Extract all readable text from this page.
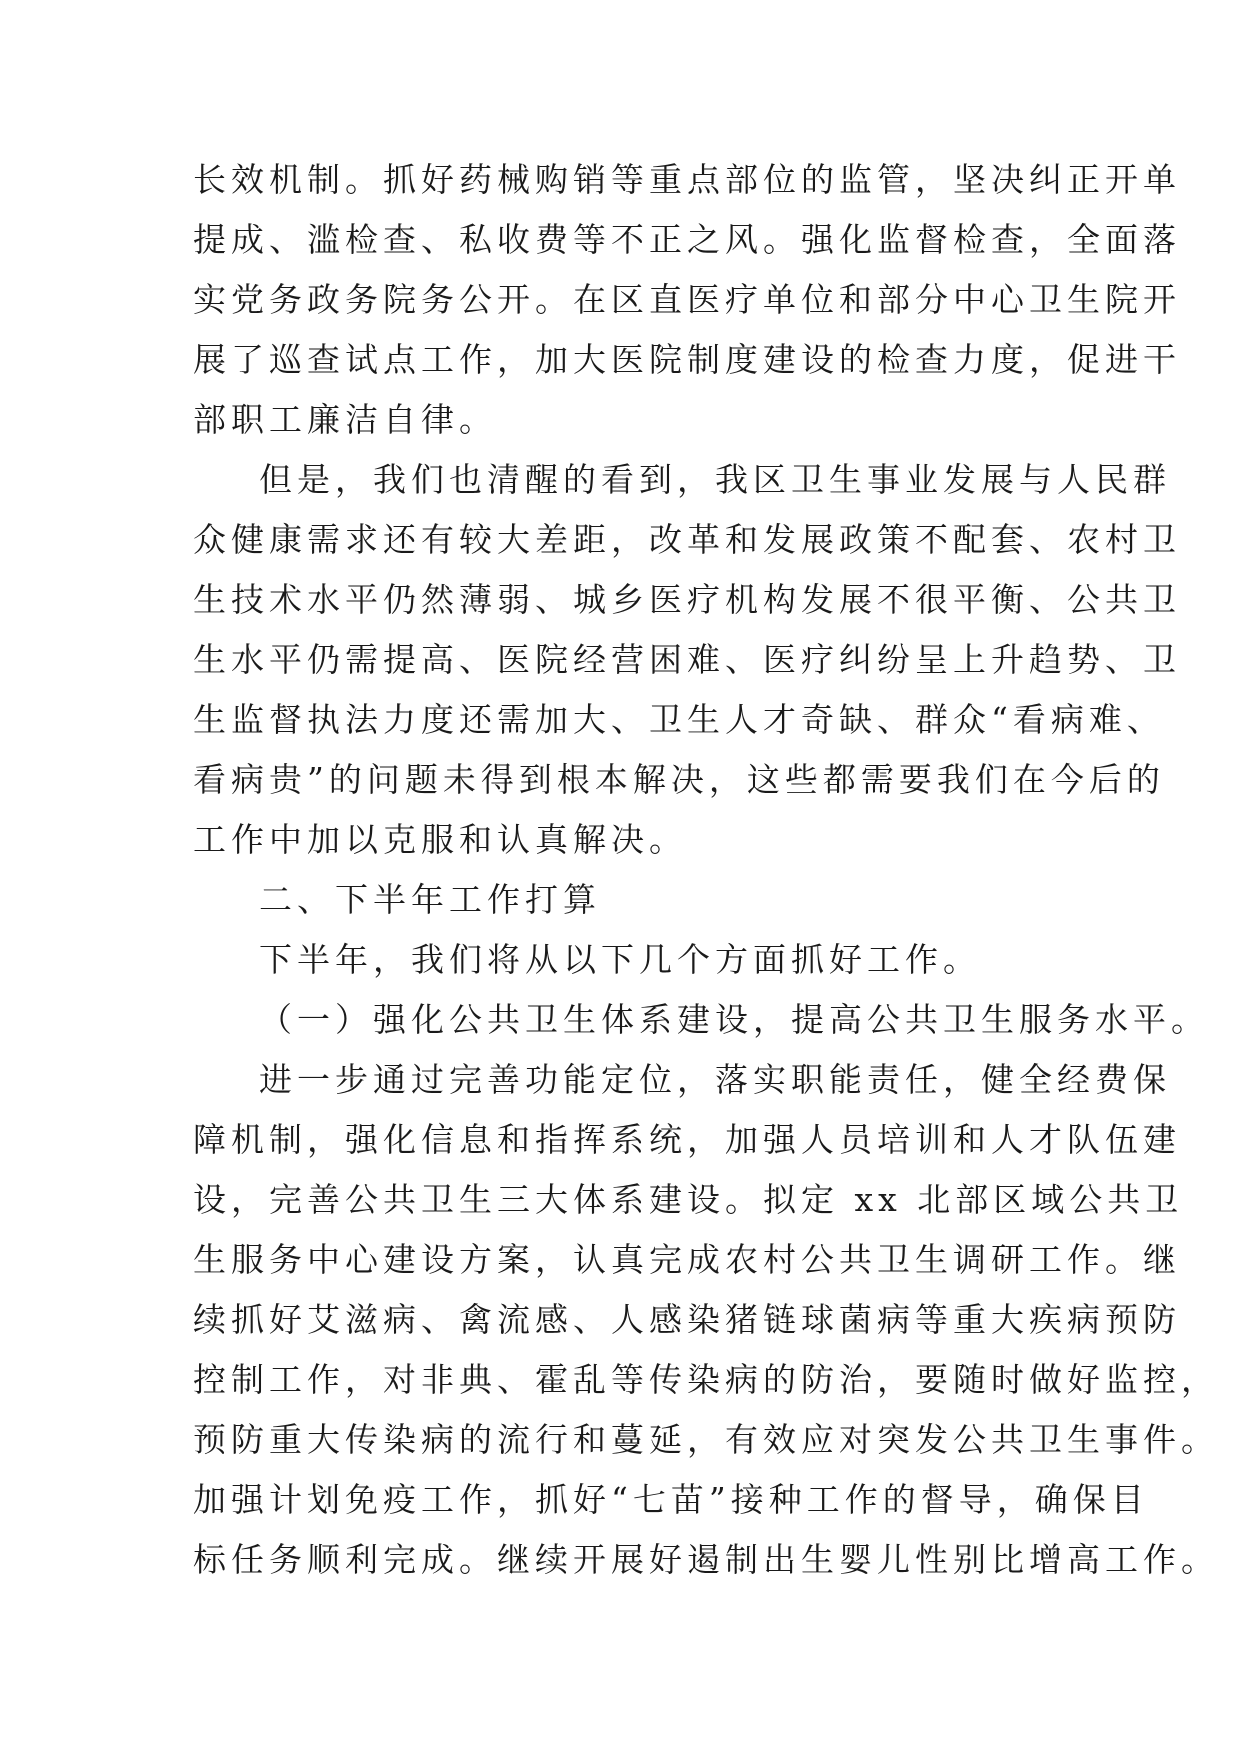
长效机制。抓好药械购销等重点部位的监管，坚决纠正开单
提成、滥检查、私收费等不正之风。强化监督检查，全面落
实党务政务院务公开。在区直医疗单位和部分中心卫生院开
展了巡查试点工作，加大医院制度建设的检查力度，促进干
部职工廉洁自律。
但是，我们也清醒的看到，我区卫生事业发展与人民群
众健康需求还有较大差距，改革和发展政策不配套、农村卫
生技术水平仍然薄弱、城乡医疗机构发展不很平衡、公共卫
生水平仍需提高、医院经营困难、医疗纠纷呈上升趋势、卫
生监督执法力度还需加大、卫生人才奇缺、群众“看病难、
看病贵”的问题未得到根本解决，这些都需要我们在今后的
工作中加以克服和认真解决。
二、下半年工作打算
下半年，我们将从以下几个方面抓好工作。
（一）强化公共卫生体系建设，提高公共卫生服务水平。
进一步通过完善功能定位，落实职能责任，健全经费保
障机制，强化信息和指挥系统，加强人员培训和人才队伍建
设，完善公共卫生三大体系建设。拟定 xx 北部区域公共卫
生服务中心建设方案，认真完成农村公共卫生调研工作。继
续抓好艾滋病、禽流感、人感染猪链球菌病等重大疾病预防
控制工作，对非典、霍乱等传染病的防治，要随时做好监控，
预防重大传染病的流行和蔓延，有效应对突发公共卫生事件。
加强计划免疫工作，抓好“七苗”接种工作的督导，确保目
标任务顺利完成。继续开展好遏制出生婴儿性别比增高工作。
